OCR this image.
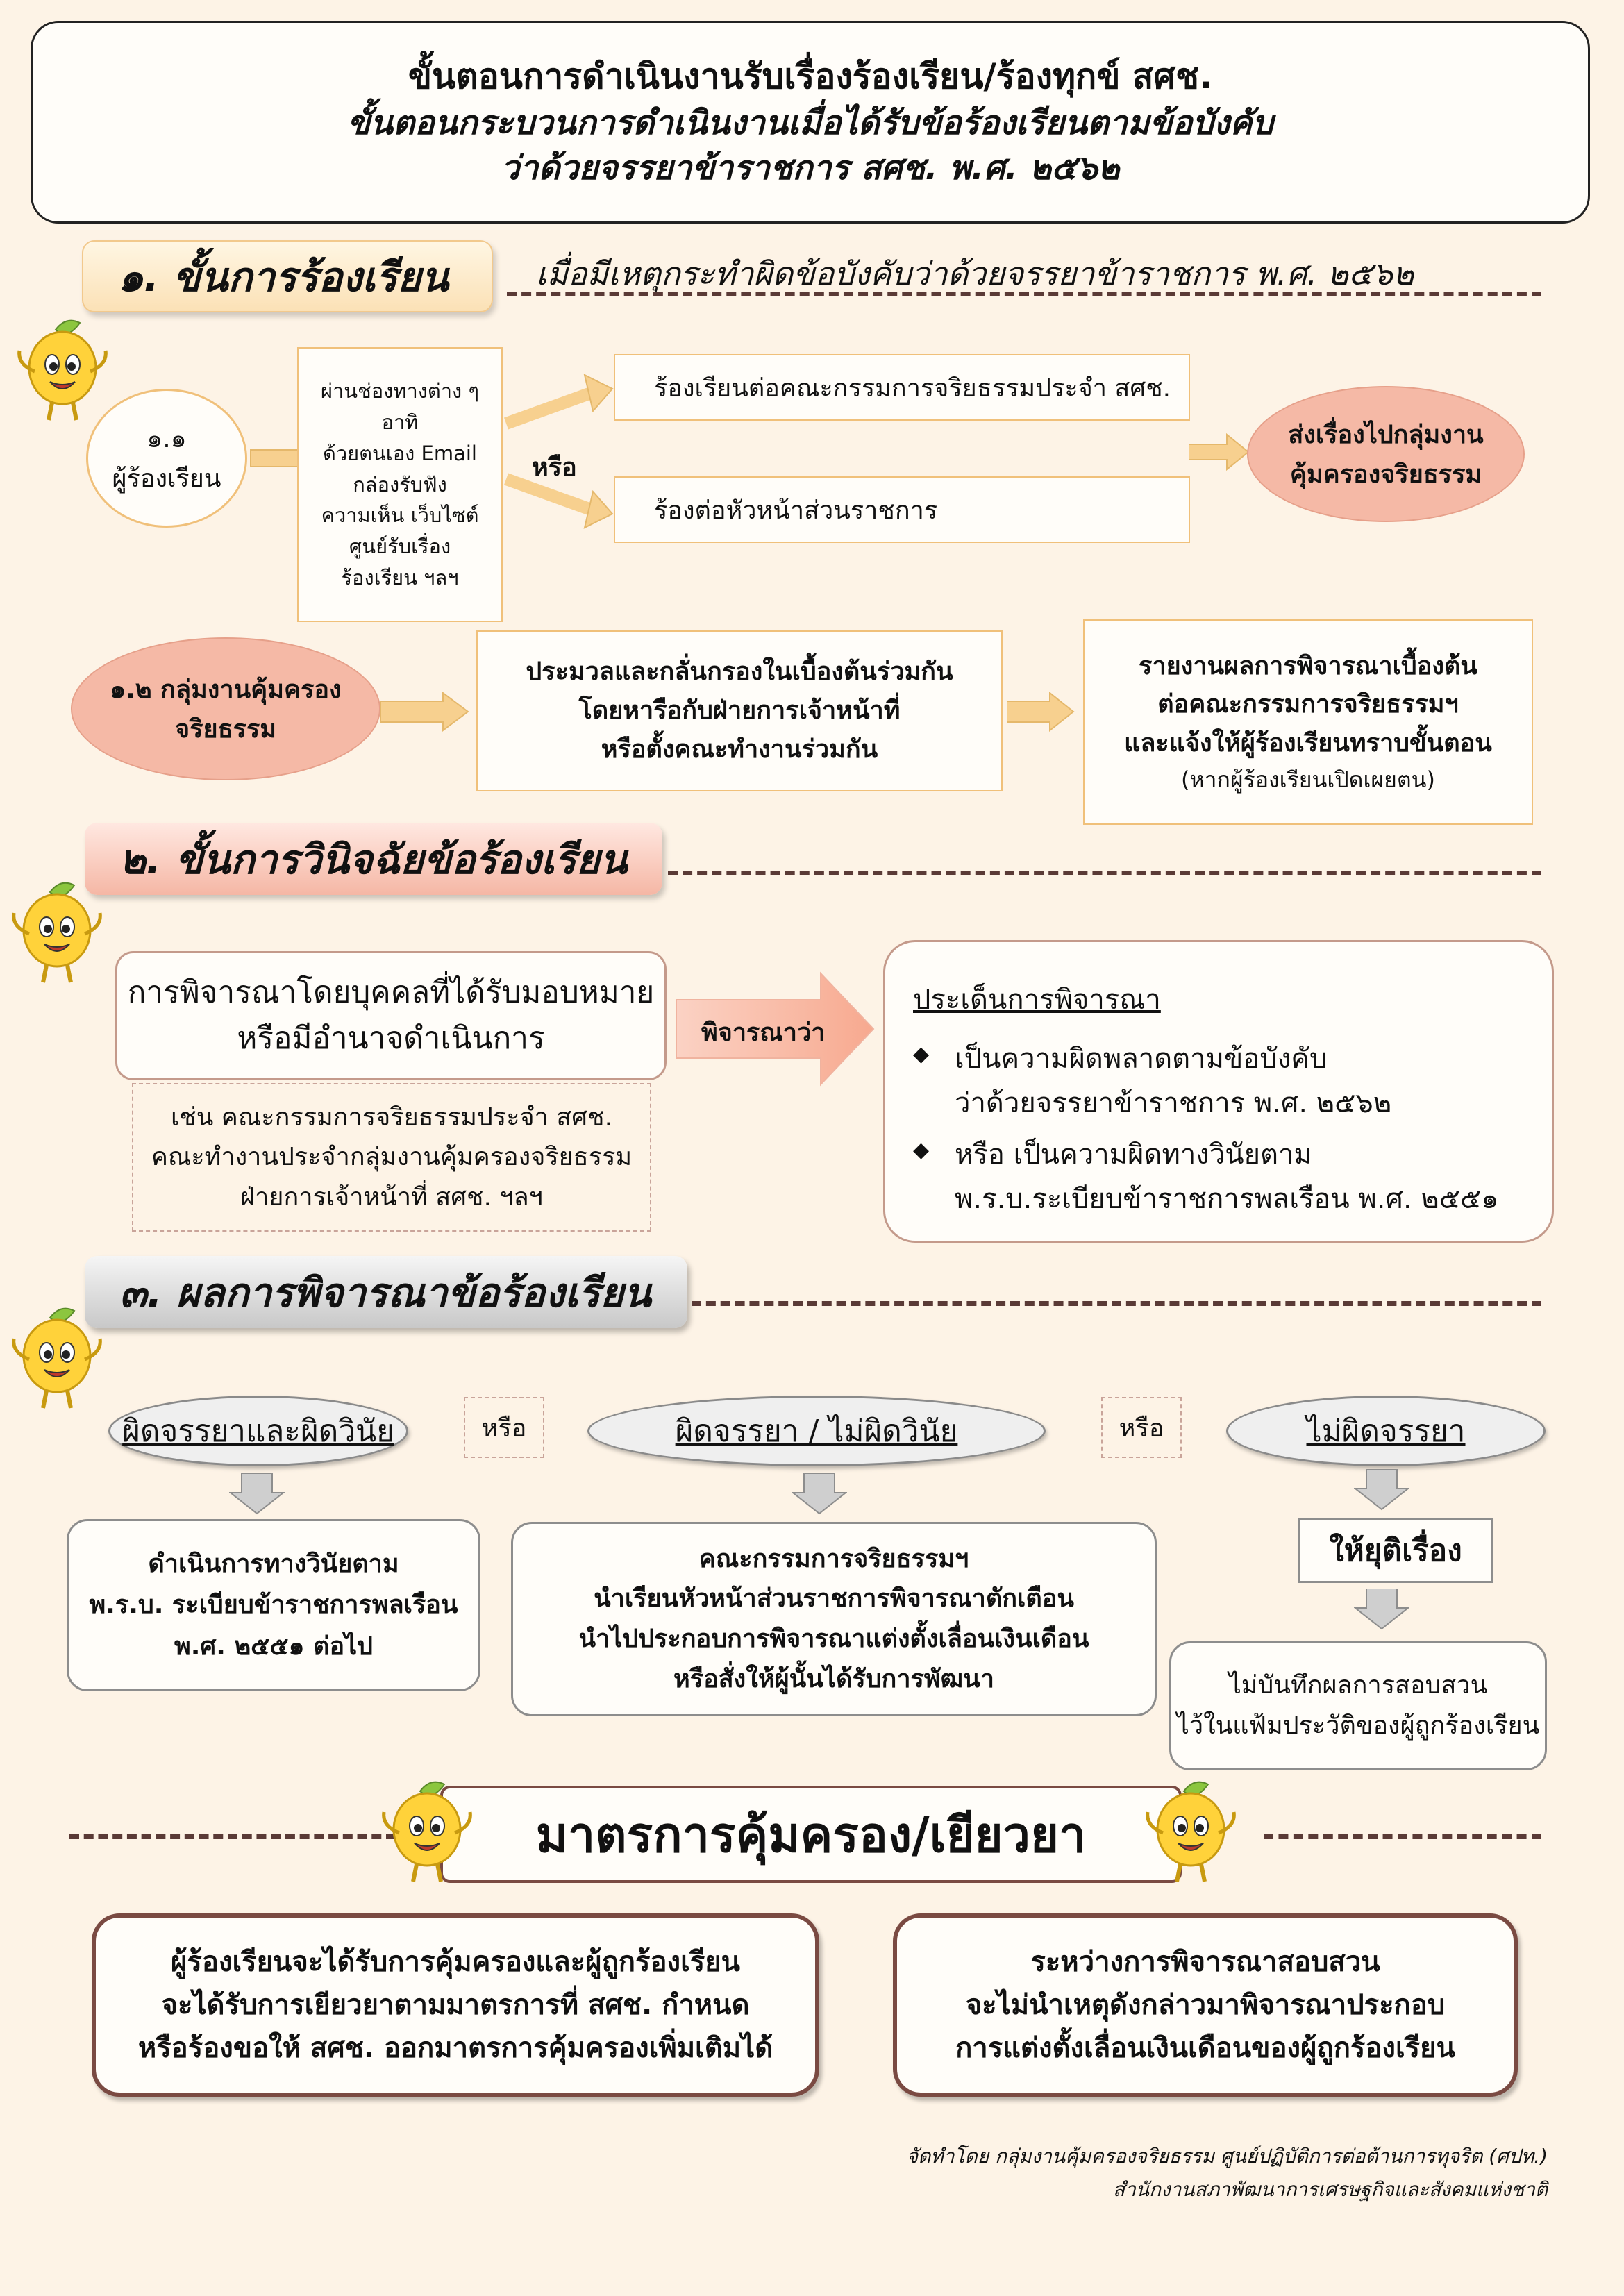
ขั้นตอนการดำเนินงานรับเรื่องร้องเรียน/ร้องทุกข์ สศช.
ขั้นตอนกระบวนการดำเนินงานเมื่อได้รับข้อร้องเรียนตามข้อบังคับ
ว่าด้วยจรรยาข้าราชการ สศช. พ.ศ. ๒๕๖๒
๑. ขั้นการร้องเรียน	เมื่อมีเหตุกระทำผิดข้อบังคับว่าด้วยจรรยาข้าราชการ พ.ศ. ๒๕๖๒
๑.๑
ผู้ร้องเรียน
ผ่านช่องทางต่าง ๆ
อาทิ
ด้วยตนเอง Email
กล่องรับฟัง
ความเห็น เว็บไซต์
ศูนย์รับเรื่อง
ร้องเรียน ฯลฯ
หรือ
ร้องเรียนต่อคณะกรรมการจริยธรรมประจำ สศช.
ร้องต่อหัวหน้าส่วนราชการ
ส่งเรื่องไปกลุ่มงาน
คุ้มครองจริยธรรม
๑.๒ กลุ่มงานคุ้มครอง
จริยธรรม
ประมวลและกลั่นกรองในเบื้องต้นร่วมกัน
โดยหารือกับฝ่ายการเจ้าหน้าที่
หรือตั้งคณะทำงานร่วมกัน
รายงานผลการพิจารณาเบื้องต้น
ต่อคณะกรรมการจริยธรรมฯ
และแจ้งให้ผู้ร้องเรียนทราบขั้นตอน
(หากผู้ร้องเรียนเปิดเผยตน)
๒. ขั้นการวินิจฉัยข้อร้องเรียน
การพิจารณาโดยบุคคลที่ได้รับมอบหมาย
หรือมีอำนาจดำเนินการ
เช่น คณะกรรมการจริยธรรมประจำ สศช.
คณะทำงานประจำกลุ่มงานคุ้มครองจริยธรรม
ฝ่ายการเจ้าหน้าที่ สศช. ฯลฯ
พิจารณาว่า
ประเด็นการพิจารณา
◆ เป็นความผิดพลาดตามข้อบังคับ
ว่าด้วยจรรยาข้าราชการ พ.ศ. ๒๕๖๒
◆ หรือ เป็นความผิดทางวินัยตาม
พ.ร.บ.ระเบียบข้าราชการพลเรือน พ.ศ. ๒๕๕๑
๓. ผลการพิจารณาข้อร้องเรียน
ผิดจรรยาและผิดวินัย	หรือ	ผิดจรรยา / ไม่ผิดวินัย	หรือ	ไม่ผิดจรรยา
ดำเนินการทางวินัยตาม
พ.ร.บ. ระเบียบข้าราชการพลเรือน
พ.ศ. ๒๕๕๑ ต่อไป
คณะกรรมการจริยธรรมฯ
นำเรียนหัวหน้าส่วนราชการพิจารณาตักเตือน
นำไปประกอบการพิจารณาแต่งตั้งเลื่อนเงินเดือน
หรือสั่งให้ผู้นั้นได้รับการพัฒนา
ให้ยุติเรื่อง
ไม่บันทึกผลการสอบสวน
ไว้ในแฟ้มประวัติของผู้ถูกร้องเรียน
มาตรการคุ้มครอง/เยียวยา
ผู้ร้องเรียนจะได้รับการคุ้มครองและผู้ถูกร้องเรียน
จะได้รับการเยียวยาตามมาตรการที่ สศช. กำหนด
หรือร้องขอให้ สศช. ออกมาตรการคุ้มครองเพิ่มเติมได้
ระหว่างการพิจารณาสอบสวน
จะไม่นำเหตุดังกล่าวมาพิจารณาประกอบ
การแต่งตั้งเลื่อนเงินเดือนของผู้ถูกร้องเรียน
จัดทำโดย กลุ่มงานคุ้มครองจริยธรรม ศูนย์ปฏิบัติการต่อต้านการทุจริต (ศปท.)
สำนักงานสภาพัฒนาการเศรษฐกิจและสังคมแห่งชาติ
